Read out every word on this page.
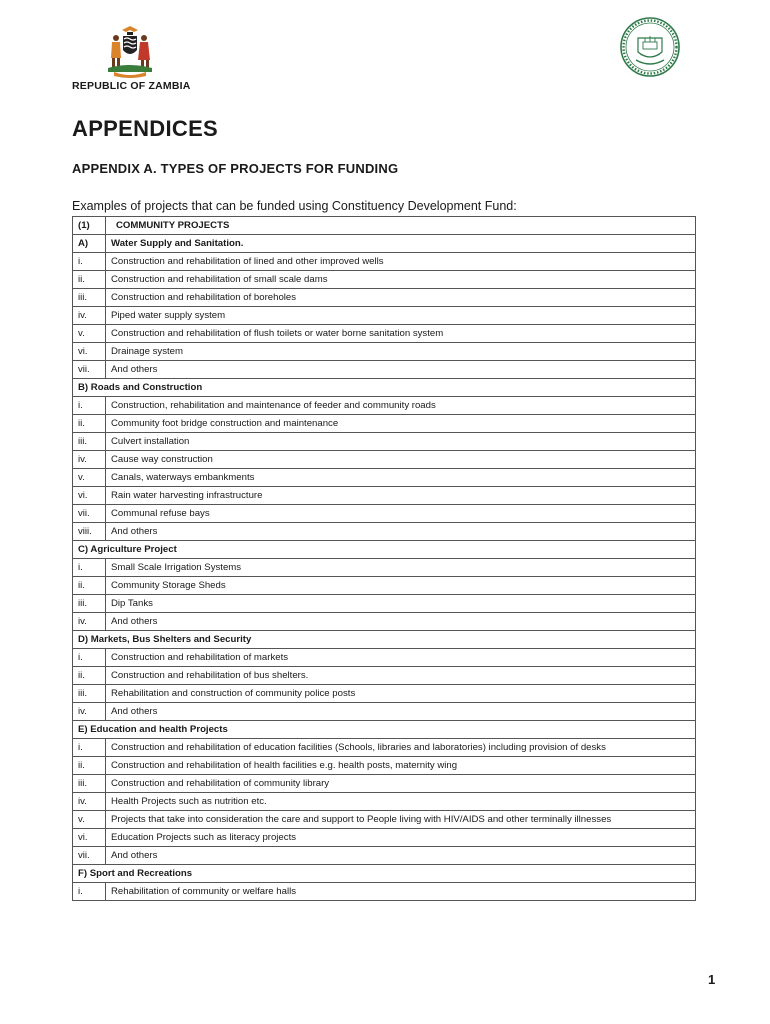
REPUBLIC OF ZAMBIA
APPENDICES
APPENDIX A. TYPES OF PROJECTS FOR FUNDING
Examples of projects that can be funded using Constituency Development Fund:
(1)	COMMUNITY PROJECTS
A)	Water Supply and Sanitation.
i.	Construction and rehabilitation of lined and other improved wells
ii.	Construction and rehabilitation of small scale dams
iii.	Construction and rehabilitation of boreholes
iv.	Piped water supply system
v.	Construction and rehabilitation of flush toilets or water borne sanitation system
vi.	Drainage system
vii.	And others
B) Roads and Construction	
i.	Construction, rehabilitation and maintenance of feeder and community roads
ii.	Community foot bridge construction and maintenance
iii.	Culvert installation
iv.	Cause way construction
v.	Canals, waterways embankments
vi.	Rain water harvesting infrastructure
vii.	Communal refuse bays
viii.	And others
C) Agriculture Project	
i.	Small Scale Irrigation Systems
ii.	Community Storage Sheds
iii.	Dip Tanks
iv.	And others
D) Markets, Bus Shelters and Security	
i.	Construction and rehabilitation of markets
ii.	Construction and rehabilitation of bus shelters.
iii.	Rehabilitation and construction of community police posts
iv.	And others
E) Education and health Projects	
i.	Construction and rehabilitation of education facilities (Schools, libraries and laboratories) including provision of desks
ii.	Construction and rehabilitation of health facilities e.g. health posts, maternity wing
iii.	Construction and rehabilitation of community library
iv.	Health Projects such as nutrition etc.
v.	Projects that take into consideration the care and support to People living with HIV/AIDS and other terminally illnesses
vi.	Education Projects such as literacy projects
vii.	And others
F) Sport and Recreations	
i.	Rehabilitation of community or welfare halls
1
